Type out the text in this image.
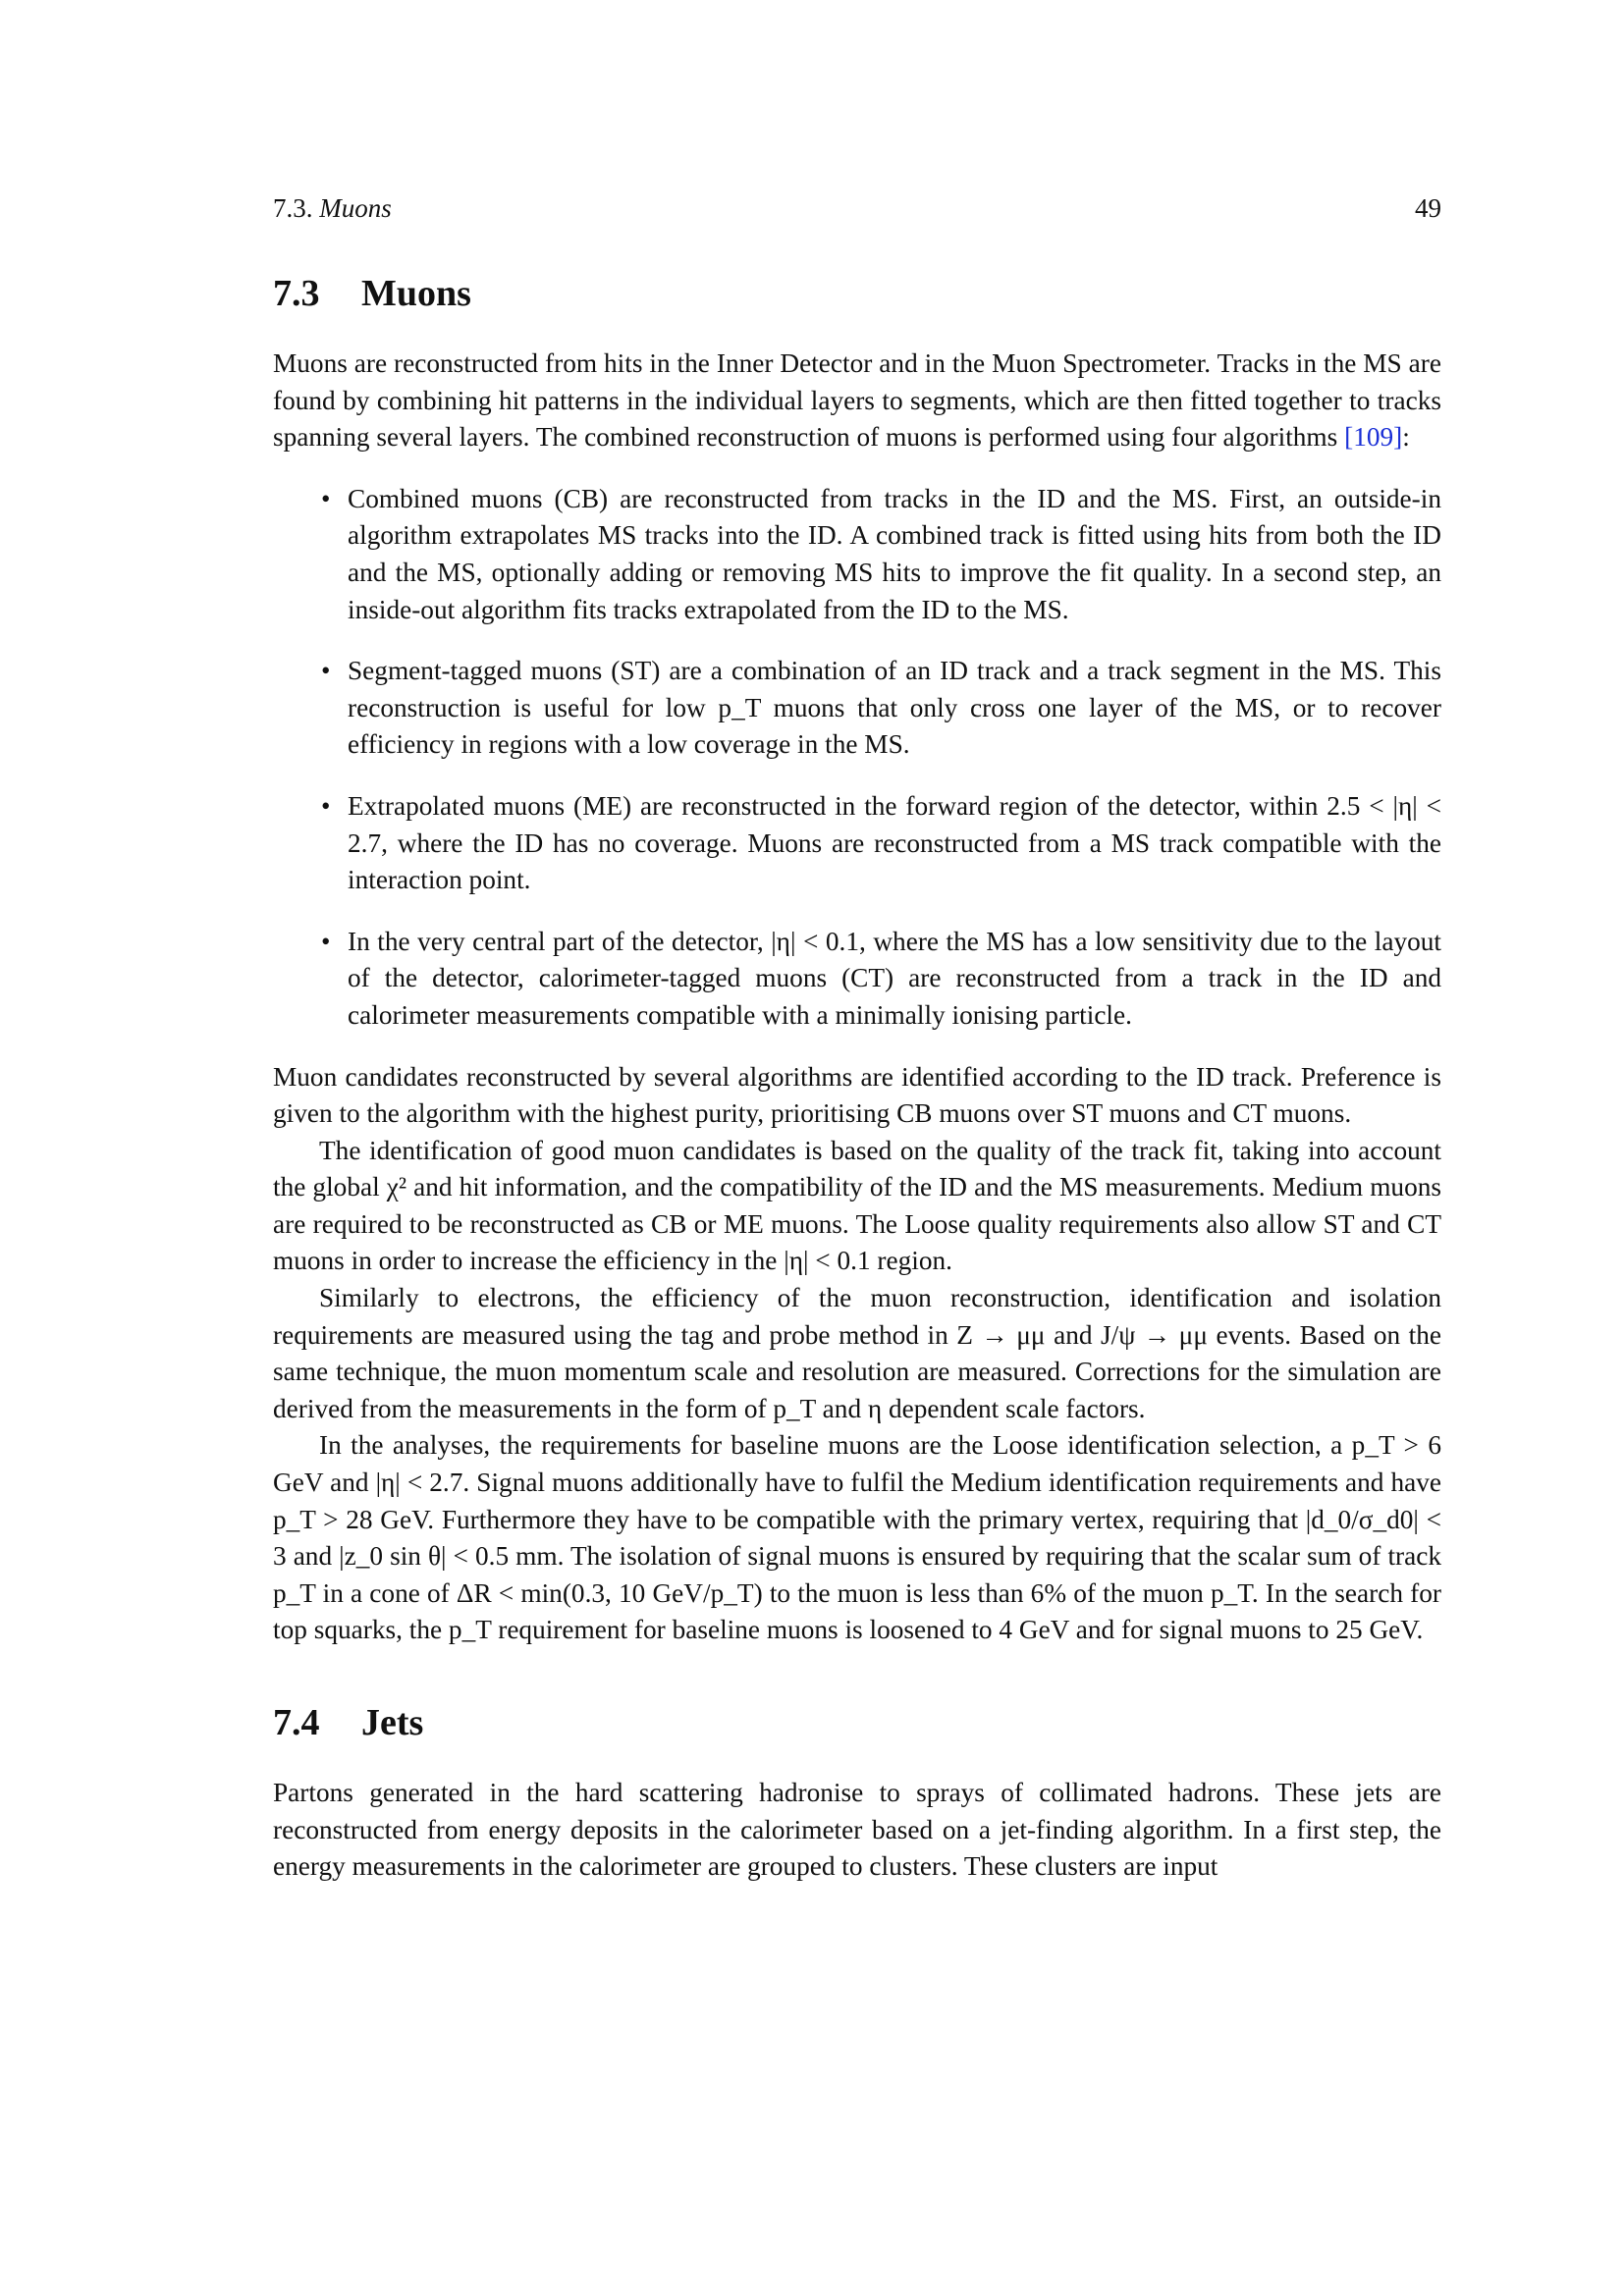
7.3. Muons	49
7.3 Muons

Muons are reconstructed from hits in the Inner Detector and in the Muon Spectrometer. Tracks in the MS are found by combining hit patterns in the individual layers to segments, which are then fitted together to tracks spanning several layers. The combined reconstruction of muons is performed using four algorithms [109]:

• Combined muons (CB) are reconstructed from tracks in the ID and the MS. First, an outside-in algorithm extrapolates MS tracks into the ID. A combined track is fitted using hits from both the ID and the MS, optionally adding or removing MS hits to improve the fit quality. In a second step, an inside-out algorithm fits tracks extrapolated from the ID to the MS.

• Segment-tagged muons (ST) are a combination of an ID track and a track segment in the MS. This reconstruction is useful for low p_T muons that only cross one layer of the MS, or to recover efficiency in regions with a low coverage in the MS.

• Extrapolated muons (ME) are reconstructed in the forward region of the detector, within 2.5 < |η| < 2.7, where the ID has no coverage. Muons are reconstructed from a MS track compatible with the interaction point.

• In the very central part of the detector, |η| < 0.1, where the MS has a low sensitivity due to the layout of the detector, calorimeter-tagged muons (CT) are reconstructed from a track in the ID and calorimeter measurements compatible with a minimally ionising particle.

Muon candidates reconstructed by several algorithms are identified according to the ID track. Preference is given to the algorithm with the highest purity, prioritising CB muons over ST muons and CT muons.

The identification of good muon candidates is based on the quality of the track fit, taking into account the global χ² and hit information, and the compatibility of the ID and the MS measurements. Medium muons are required to be reconstructed as CB or ME muons. The Loose quality requirements also allow ST and CT muons in order to increase the efficiency in the |η| < 0.1 region.

Similarly to electrons, the efficiency of the muon reconstruction, identification and isolation requirements are measured using the tag and probe method in Z → μμ and J/ψ → μμ events. Based on the same technique, the muon momentum scale and resolution are measured. Corrections for the simulation are derived from the measurements in the form of p_T and η dependent scale factors.

In the analyses, the requirements for baseline muons are the Loose identification selection, a p_T > 6 GeV and |η| < 2.7. Signal muons additionally have to fulfil the Medium identification requirements and have p_T > 28 GeV. Furthermore they have to be compatible with the primary vertex, requiring that |d_0/σ_d0| < 3 and |z_0 sin θ| < 0.5 mm. The isolation of signal muons is ensured by requiring that the scalar sum of track p_T in a cone of ΔR < min(0.3, 10 GeV/p_T) to the muon is less than 6% of the muon p_T. In the search for top squarks, the p_T requirement for baseline muons is loosened to 4 GeV and for signal muons to 25 GeV.

7.4 Jets

Partons generated in the hard scattering hadronise to sprays of collimated hadrons. These jets are reconstructed from energy deposits in the calorimeter based on a jet-finding algorithm. In a first step, the energy measurements in the calorimeter are grouped to clusters. These clusters are input
